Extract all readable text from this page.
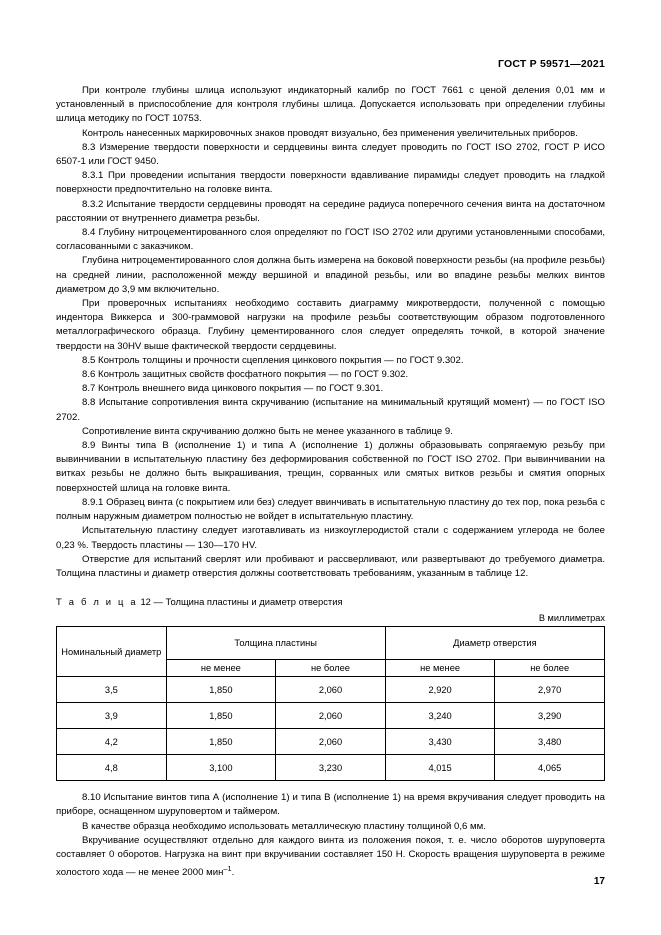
ГОСТ Р 59571—2021

При контроле глубины шлица используют индикаторный калибр по ГОСТ 7661 с ценой деления 0,01 мм и установленный в приспособление для контроля глубины шлица. Допускается использовать при определении глубины шлица методику по ГОСТ 10753.

Контроль нанесенных маркировочных знаков проводят визуально, без применения увеличительных приборов.

8.3 Измерение твердости поверхности и сердцевины винта следует проводить по ГОСТ ISO 2702, ГОСТ Р ИСО 6507-1 или ГОСТ 9450.

8.3.1 При проведении испытания твердости поверхности вдавливание пирамиды следует проводить на гладкой поверхности предпочтительно на головке винта.

8.3.2 Испытание твердости сердцевины проводят на середине радиуса поперечного сечения винта на достаточном расстоянии от внутреннего диаметра резьбы.

8.4 Глубину нитроцементированного слоя определяют по ГОСТ ISO 2702 или другими установленными способами, согласованными с заказчиком.

Глубина нитроцементированного слоя должна быть измерена на боковой поверхности резьбы (на профиле резьбы) на средней линии, расположенной между вершиной и впадиной резьбы, или во впадине резьбы мелких винтов диаметром до 3,9 мм включительно.

При проверочных испытаниях необходимо составить диаграмму микротвердости, полученной с помощью индентора Виккерса и 300-граммовой нагрузки на профиле резьбы соответствующим образом подготовленного металлографического образца. Глубину цементированного слоя следует определять точкой, в которой значение твердости на 30HV выше фактической твердости сердцевины.

8.5 Контроль толщины и прочности сцепления цинкового покрытия — по ГОСТ 9.302.

8.6 Контроль защитных свойств фосфатного покрытия — по ГОСТ 9.302.

8.7 Контроль внешнего вида цинкового покрытия — по ГОСТ 9.301.

8.8 Испытание сопротивления винта скручиванию (испытание на минимальный крутящий момент) — по ГОСТ ISO 2702.

Сопротивление винта скручиванию должно быть не менее указанного в таблице 9.

8.9 Винты типа В (исполнение 1) и типа А (исполнение 1) должны образовывать сопрягаемую резьбу при вывинчивании в испытательную пластину без деформирования собственной по ГОСТ ISO 2702. При вывинчивании на витках резьбы не должно быть выкрашивания, трещин, сорванных или смятых витков резьбы и смятия опорных поверхностей шлица на головке винта.

8.9.1 Образец винта (с покрытием или без) следует ввинчивать в испытательную пластину до тех пор, пока резьба с полным наружным диаметром полностью не войдет в испытательную пластину.

Испытательную пластину следует изготавливать из низкоуглеродистой стали с содержанием углерода не более 0,23 %. Твердость пластины — 130—170 HV.

Отверстие для испытаний сверлят или пробивают и рассверливают, или развертывают до требуемого диаметра. Толщина пластины и диаметр отверстия должны соответствовать требованиям, указанным в таблице 12.

Т а б л и ц а 12 — Толщина пластины и диаметр отверстия

В миллиметрах
Номинальный диаметр	Толщина пластины		Диаметр отверстия	
	не менее	не более	не менее	не более
3,5	1,850	2,060	2,920	2,970
3,9	1,850	2,060	3,240	3,290
4,2	1,850	2,060	3,430	3,480
4,8	3,100	3,230	4,015	4,065

8.10 Испытание винтов типа А (исполнение 1) и типа В (исполнение 1) на время вкручивания следует проводить на приборе, оснащенном шуруповертом и таймером.

В качестве образца необходимо использовать металлическую пластину толщиной 0,6 мм.

Вкручивание осуществляют отдельно для каждого винта из положения покоя, т. е. число оборотов шуруповерта составляет 0 оборотов. Нагрузка на винт при вкручивании составляет 150 Н. Скорость вращения шуруповерта в режиме холостого хода — не менее 2000 мин$^{-1}$.

17
